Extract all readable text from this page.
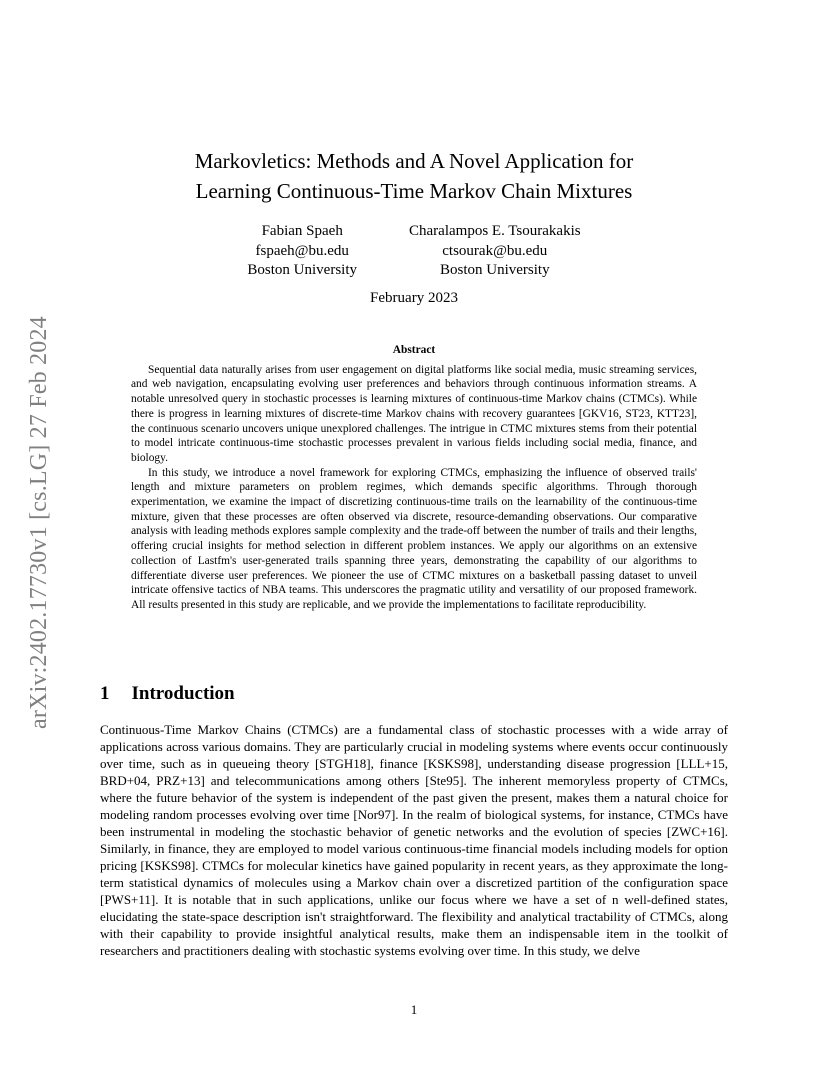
arXiv:2402.17730v1 [cs.LG] 27 Feb 2024
Markovletics: Methods and A Novel Application for
Learning Continuous-Time Markov Chain Mixtures
Fabian Spaeh
fspaeh@bu.edu
Boston University
Charalampos E. Tsourakakis
ctsourak@bu.edu
Boston University
February 2023
Abstract

Sequential data naturally arises from user engagement on digital platforms like social media, music streaming services, and web navigation, encapsulating evolving user preferences and behaviors through continuous information streams. A notable unresolved query in stochastic processes is learning mixtures of continuous-time Markov chains (CTMCs). While there is progress in learning mixtures of discrete-time Markov chains with recovery guarantees [GKV16, ST23, KTT23], the continuous scenario uncovers unique unexplored challenges. The intrigue in CTMC mixtures stems from their potential to model intricate continuous-time stochastic processes prevalent in various fields including social media, finance, and biology.

In this study, we introduce a novel framework for exploring CTMCs, emphasizing the influence of observed trails' length and mixture parameters on problem regimes, which demands specific algorithms. Through thorough experimentation, we examine the impact of discretizing continuous-time trails on the learnability of the continuous-time mixture, given that these processes are often observed via discrete, resource-demanding observations. Our comparative analysis with leading methods explores sample complexity and the trade-off between the number of trails and their lengths, offering crucial insights for method selection in different problem instances. We apply our algorithms on an extensive collection of Lastfm's user-generated trails spanning three years, demonstrating the capability of our algorithms to differentiate diverse user preferences. We pioneer the use of CTMC mixtures on a basketball passing dataset to unveil intricate offensive tactics of NBA teams. This underscores the pragmatic utility and versatility of our proposed framework. All results presented in this study are replicable, and we provide the implementations to facilitate reproducibility.

1 Introduction

Continuous-Time Markov Chains (CTMCs) are a fundamental class of stochastic processes with a wide array of applications across various domains. They are particularly crucial in modeling systems where events occur continuously over time, such as in queueing theory [STGH18], finance [KSKS98], understanding disease progression [LLL+15, BRD+04, PRZ+13] and telecommunications among others [Ste95]. The inherent memoryless property of CTMCs, where the future behavior of the system is independent of the past given the present, makes them a natural choice for modeling random processes evolving over time [Nor97]. In the realm of biological systems, for instance, CTMCs have been instrumental in modeling the stochastic behavior of genetic networks and the evolution of species [ZWC+16]. Similarly, in finance, they are employed to model various continuous-time financial models including models for option pricing [KSKS98]. CTMCs for molecular kinetics have gained popularity in recent years, as they approximate the long-term statistical dynamics of molecules using a Markov chain over a discretized partition of the configuration space [PWS+11]. It is notable that in such applications, unlike our focus where we have a set of n well-defined states, elucidating the state-space description isn't straightforward. The flexibility and analytical tractability of CTMCs, along with their capability to provide insightful analytical results, make them an indispensable item in the toolkit of researchers and practitioners dealing with stochastic systems evolving over time. In this study, we delve

1
